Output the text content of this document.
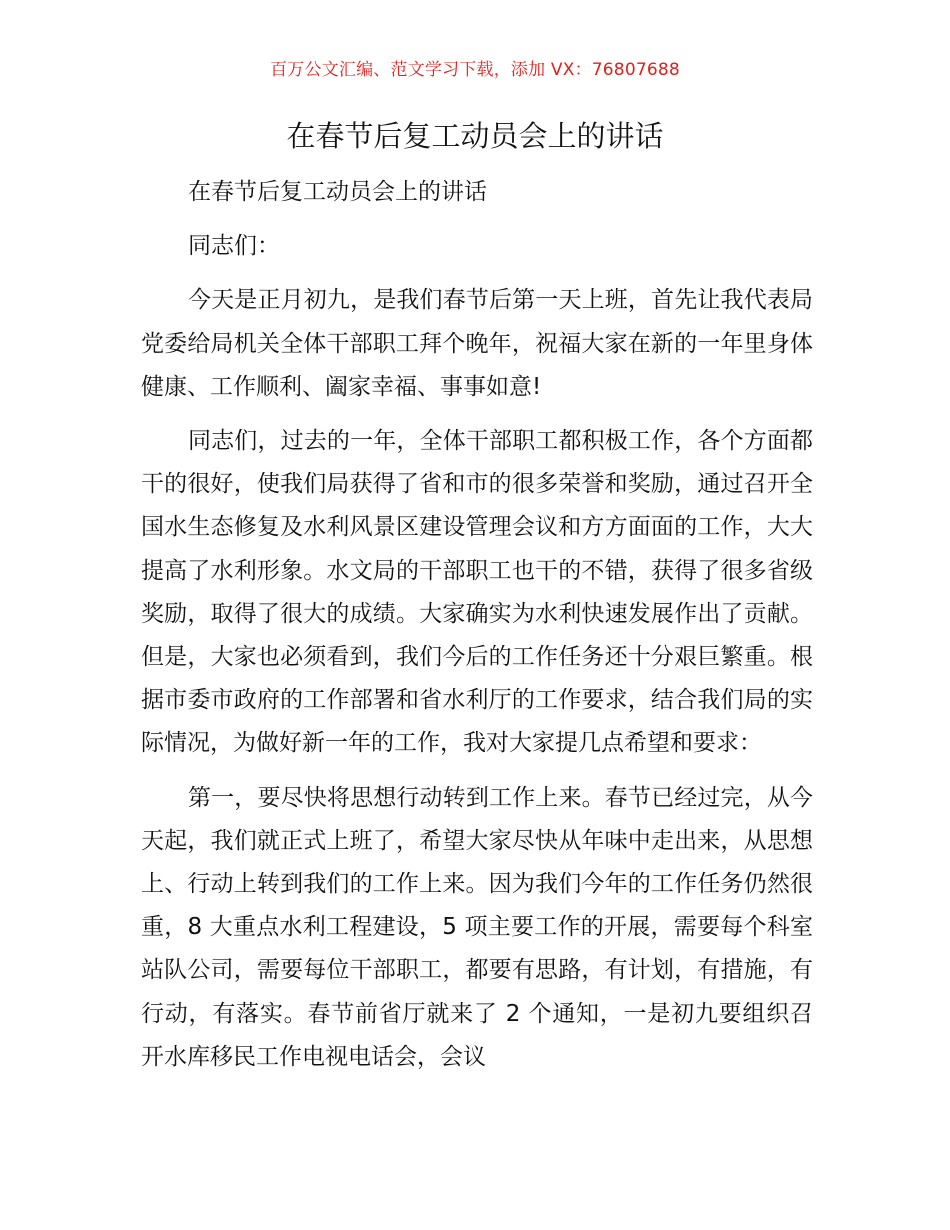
百万公文汇编、范文学习下载，添加 VX：76807688
在春节后复工动员会上的讲话

在春节后复工动员会上的讲话

同志们：

今天是正月初九，是我们春节后第一天上班，首先让我代表局党委给局机关全体干部职工拜个晚年，祝福大家在新的一年里身体健康、工作顺利、阖家幸福、事事如意!

同志们，过去的一年，全体干部职工都积极工作，各个方面都干的很好，使我们局获得了省和市的很多荣誉和奖励，通过召开全国水生态修复及水利风景区建设管理会议和方方面面的工作，大大提高了水利形象。水文局的干部职工也干的不错，获得了很多省级奖励，取得了很大的成绩。大家确实为水利快速发展作出了贡献。但是，大家也必须看到，我们今后的工作任务还十分艰巨繁重。根据市委市政府的工作部署和省水利厅的工作要求，结合我们局的实际情况，为做好新一年的工作，我对大家提几点希望和要求：

第一，要尽快将思想行动转到工作上来。春节已经过完，从今天起，我们就正式上班了，希望大家尽快从年味中走出来，从思想上、行动上转到我们的工作上来。因为我们今年的工作任务仍然很重，8 大重点水利工程建设，5 项主要工作的开展，需要每个科室站队公司，需要每位干部职工，都要有思路，有计划，有措施，有行动，有落实。春节前省厅就来了 2 个通知，一是初九要组织召开水库移民工作电视电话会，会议
